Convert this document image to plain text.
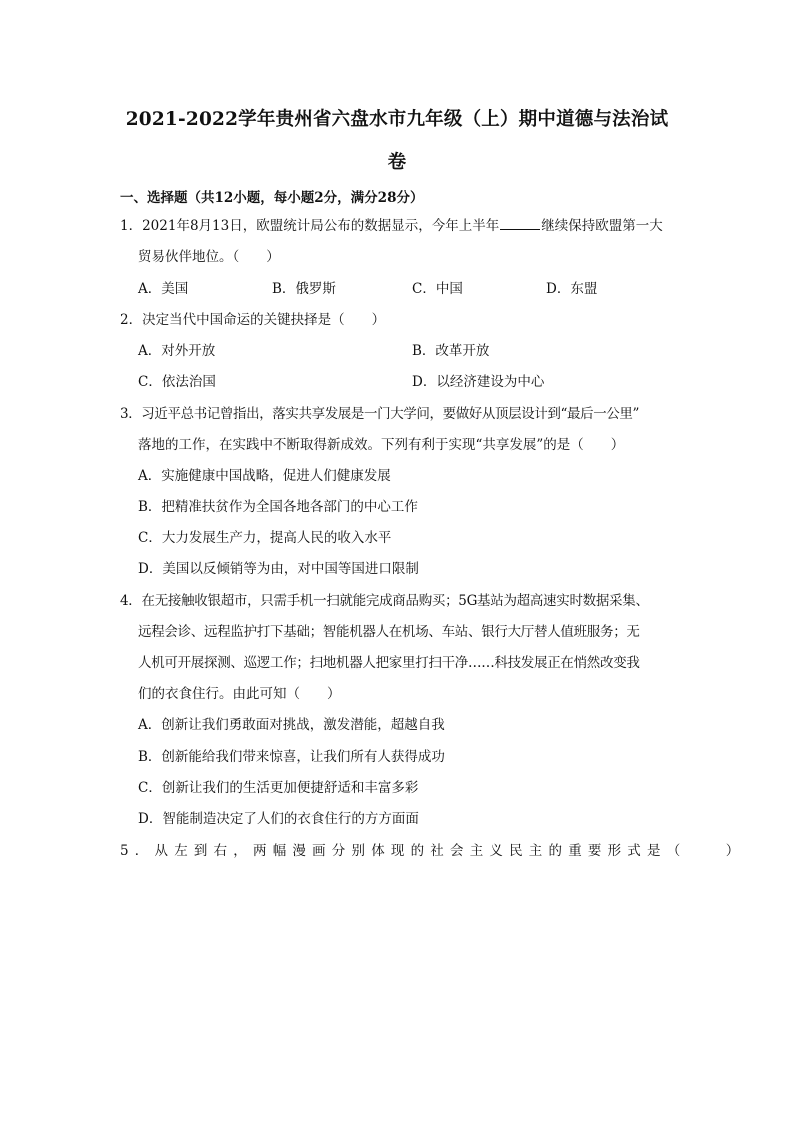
2021-2022学年贵州省六盘水市九年级（上）期中道德与法治试
卷
一、选择题（共12小题，每小题2分，满分28分）
1．2021年8月13日，欧盟统计局公布的数据显示，今年上半年	继续保持欧盟第一大
贸易伙伴地位。（　　）
A．美国	B．俄罗斯	C．中国	D．东盟
2．决定当代中国命运的关键抉择是（　　）
A．对外开放	B．改革开放
C．依法治国	D．以经济建设为中心
3．习近平总书记曾指出，落实共享发展是一门大学问，要做好从顶层设计到“最后一公里”
落地的工作，在实践中不断取得新成效。下列有利于实现“共享发展”的是（　　）
A．实施健康中国战略，促进人们健康发展
B．把精准扶贫作为全国各地各部门的中心工作
C．大力发展生产力，提高人民的收入水平
D．美国以反倾销等为由，对中国等国进口限制
4．在无接触收银超市，只需手机一扫就能完成商品购买；5G基站为超高速实时数据采集、
远程会诊、远程监护打下基础；智能机器人在机场、车站、银行大厅替人值班服务；无
人机可开展探测、巡逻工作；扫地机器人把家里打扫干净……科技发展正在悄然改变我
们的衣食住行。由此可知（　　）
A．创新让我们勇敢面对挑战，激发潜能，超越自我
B．创新能给我们带来惊喜，让我们所有人获得成功
C．创新让我们的生活更加便捷舒适和丰富多彩
D．智能制造决定了人们的衣食住行的方方面面
5．从左到右，两幅漫画分别体现的社会主义民主的重要形式是（　　）
